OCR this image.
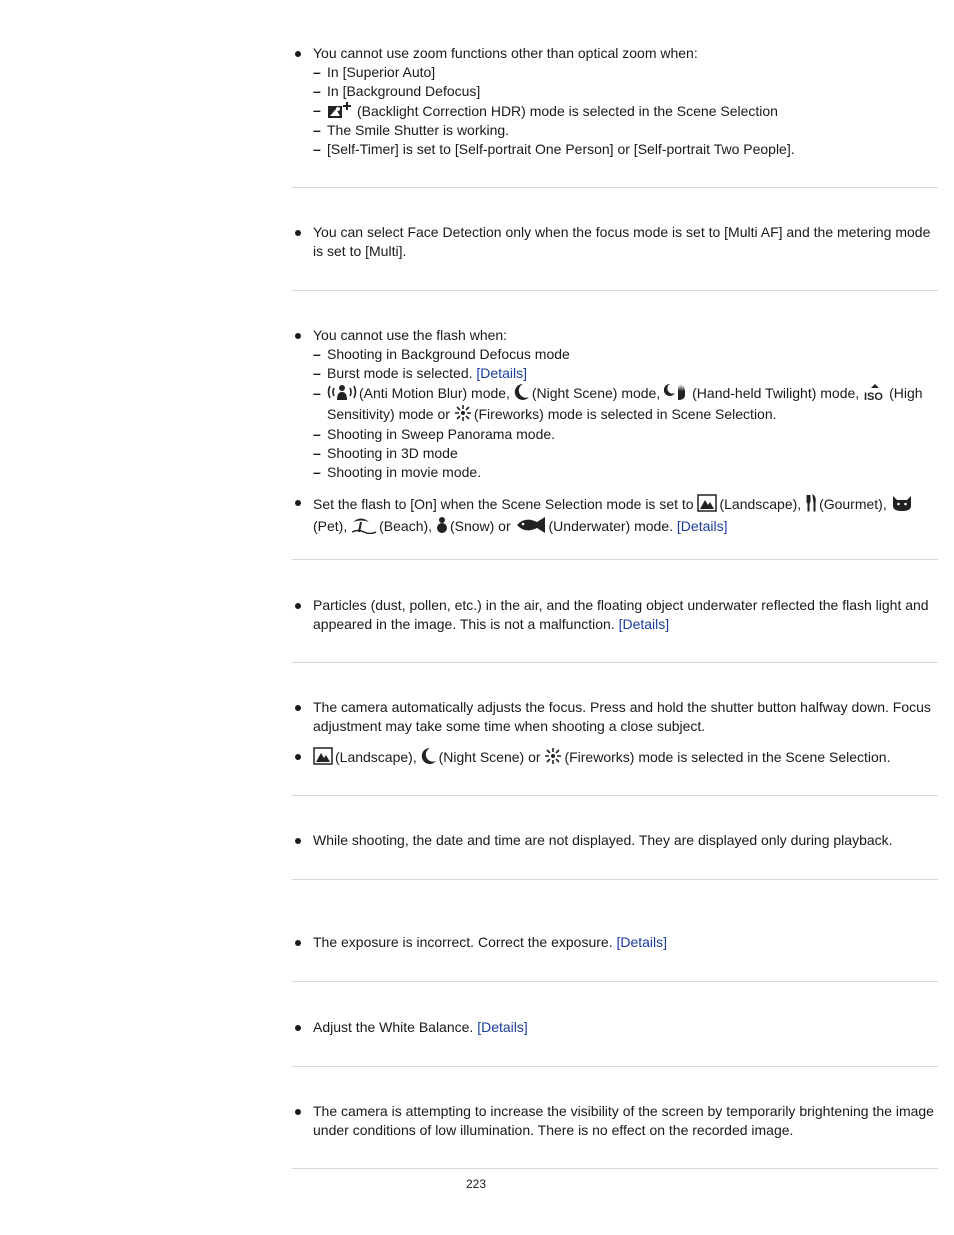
You cannot use zoom functions other than optical zoom when:

– In [Superior Auto]
– In [Background Defocus]
– (Backlight Correction HDR) mode is selected in the Scene Selection
– The Smile Shutter is working.
– [Self-Timer] is set to [Self-portrait One Person] or [Self-portrait Two People].

You can select Face Detection only when the focus mode is set to [Multi AF] and the metering mode is set to [Multi].

You cannot use the flash when:

– Shooting in Background Defocus mode
– Burst mode is selected. [Details]
– (Anti Motion Blur) mode, (Night Scene) mode, (Hand-held Twilight) mode, ISO (High Sensitivity) mode or (Fireworks) mode is selected in Scene Selection.
– Shooting in Sweep Panorama mode.
– Shooting in 3D mode
– Shooting in movie mode.

Set the flash to [On] when the Scene Selection mode is set to (Landscape), (Gourmet),

(Pet), (Beach), (Snow) or	(Underwater) mode. [Details]

Particles (dust, pollen, etc.) in the air, and the floating object underwater reflected the flash light and appeared in the image. This is not a malfunction. [Details]

The camera automatically adjusts the focus. Press and hold the shutter button halfway down. Focus adjustment may take some time when shooting a close subject.

(Landscape), (Night Scene) or (Fireworks) mode is selected in the Scene Selection.

While shooting, the date and time are not displayed. They are displayed only during playback.

The exposure is incorrect. Correct the exposure. [Details]

Adjust the White Balance. [Details]

The camera is attempting to increase the visibility of the screen by temporarily brightening the image under conditions of low illumination. There is no effect on the recorded image.

223
